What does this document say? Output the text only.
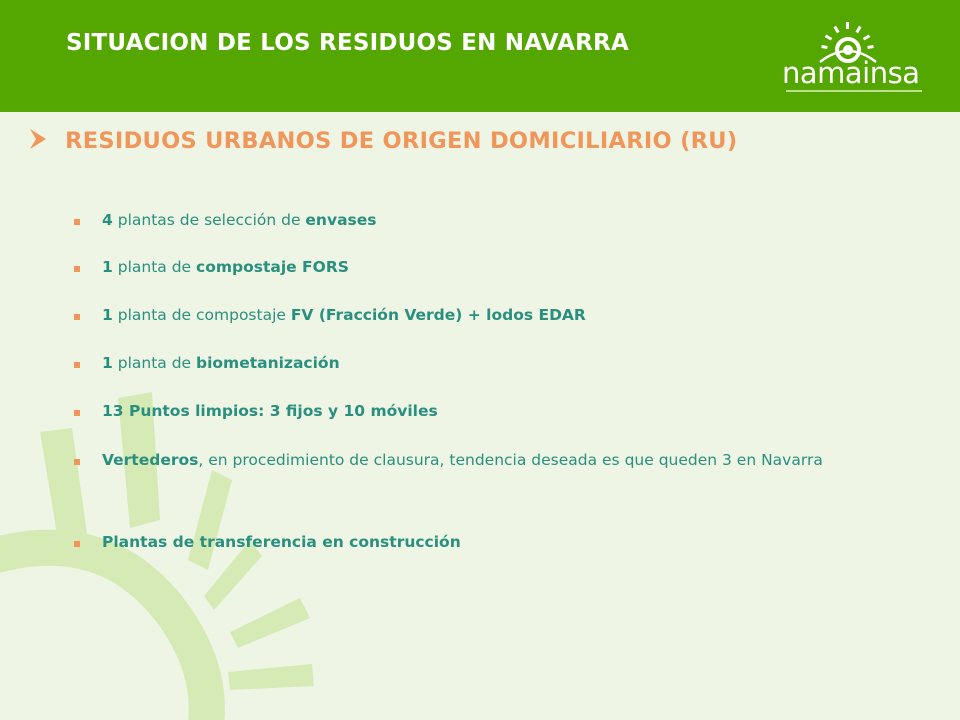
SITUACION DE LOS RESIDUOS EN NAVARRA
namainsa
RESIDUOS URBANOS DE ORIGEN DOMICILIARIO (RU)
4 plantas de selección de envases
1 planta de compostaje FORS
1 planta de compostaje FV (Fracción Verde) + lodos EDAR
1 planta de biometanización
13 Puntos limpios: 3 fijos y 10 móviles
Vertederos, en procedimiento de clausura, tendencia deseada es que queden 3 en Navarra
Plantas de transferencia en construcción
